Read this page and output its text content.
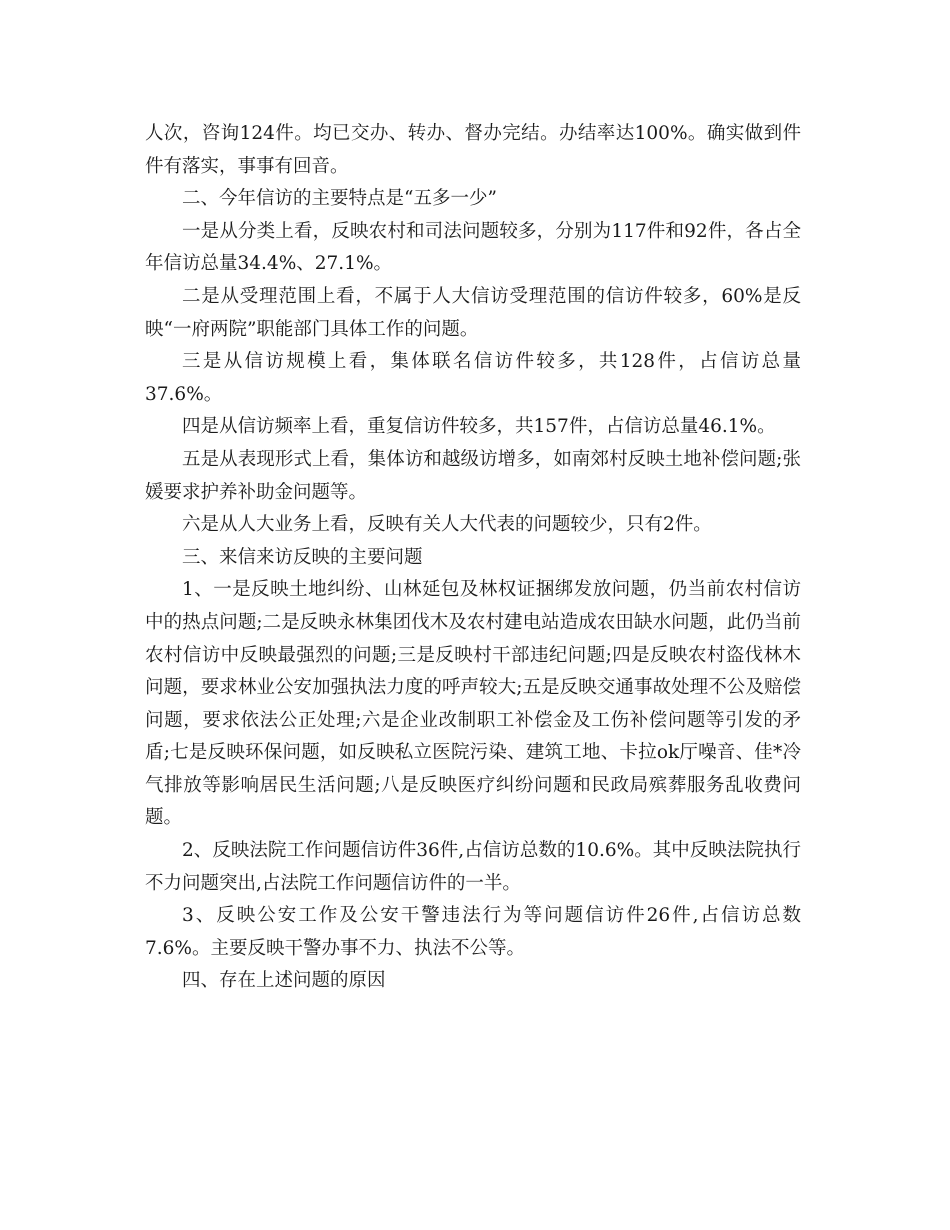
人次，咨询124件。均已交办、转办、督办完结。办结率达100%。确实做到件件有落实，事事有回音。

二、今年信访的主要特点是“五多一少”

一是从分类上看，反映农村和司法问题较多，分别为117件和92件，各占全年信访总量34.4%、27.1%。

二是从受理范围上看，不属于人大信访受理范围的信访件较多，60%是反映“一府两院”职能部门具体工作的问题。

三是从信访规模上看，集体联名信访件较多，共128件，占信访总量37.6%。

四是从信访频率上看，重复信访件较多，共157件，占信访总量46.1%。

五是从表现形式上看，集体访和越级访增多，如南郊村反映土地补偿问题;张媛要求护养补助金问题等。

六是从人大业务上看，反映有关人大代表的问题较少，只有2件。

三、来信来访反映的主要问题

1、一是反映土地纠纷、山林延包及林权证捆绑发放问题，仍当前农村信访中的热点问题;二是反映永林集团伐木及农村建电站造成农田缺水问题，此仍当前农村信访中反映最强烈的问题;三是反映村干部违纪问题;四是反映农村盗伐林木问题，要求林业公安加强执法力度的呼声较大;五是反映交通事故处理不公及赔偿问题，要求依法公正处理;六是企业改制职工补偿金及工伤补偿问题等引发的矛盾;七是反映环保问题，如反映私立医院污染、建筑工地、卡拉ok厅噪音、佳*冷气排放等影响居民生活问题;八是反映医疗纠纷问题和民政局殡葬服务乱收费问题。

2、反映法院工作问题信访件36件,占信访总数的10.6%。其中反映法院执行不力问题突出,占法院工作问题信访件的一半。

3、反映公安工作及公安干警违法行为等问题信访件26件,占信访总数7.6%。主要反映干警办事不力、执法不公等。

四、存在上述问题的原因
